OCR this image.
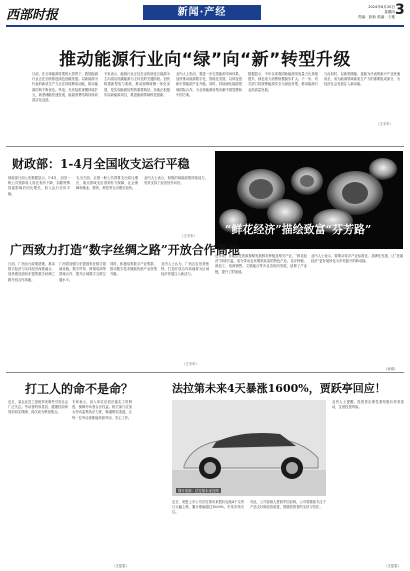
西部时报	新闻·产经	2024年6月20日
星期四
责编：彭新 美编：王雅 3
推动能源行业向“绿”向“新”转型升级
日前，在全球能源转型的大背景下，我国能源行业正在加快推进绿色低碳发展。以新能源为代表的新质生产力正在持续释放动能，推动能源结构不断优化。风电、光伏装机规模持续扩大，新型储能快速发展，能源消费结构持续向清洁化迈进。
专家表示，能源行业正处在由传统化石能源为主向清洁低碳能源为主转变的关键阶段。加快构建新型电力系统，推动源网荷储一体化发展，是实现能源转型的重要路径。各地正积极布局新能源项目，推进能源领域科技创新。
业内人士指出，要进一步完善能源市场体系，加快推动能源数字化、智能化发展，以科技创新引领能源产业升级。同时，持续深化能源领域国际合作，为全球能源转型贡献中国智慧和中国方案。
数据显示，今年以来我国新能源发电量占比持续提升，绿色电力消费规模稳步扩大。下一步，有关部门将统筹能源安全与绿色转型，推动能源行业高质量发展。
与此同时，以新型储能、氢能为代表的新兴产业快速成长，成为能源领域新质生产力的重要组成部分，为经济社会发展注入新动能。
（王丰年）
财政部：1-4月全国收支运行平稳
财政部日前公布数据显示，1-4月，全国一般公共预算收入同比有所下降，扣除特殊因素影响后同比增长，收入运行总体平稳。
支出方面，全国一般公共预算支出同比增长，重点领域支出得到有力保障，社会保障和就业、教育、科技等支出增长较快。
业内人士表示，积极的财政政策持续加力，有效支持了经济回升向好。
（王丰年）	“鲜花经济”描绘致富“芬芳路”
近年来，各地依托资源禀赋发展鲜花种植及相关产业，“鲜花经济”持续升温，成为带动农民增收致富的特色产业。花卉种植、深加工、电商销售、文旅融合等多业态协同发展，延伸了产业链，提升了附加值。
业内人士表示，要推动花卉产业标准化、品牌化发展，让“美丽经济”更好地转化为乡村振兴的新动能。
（孙琪）
广西致力打造“数字丝绸之路”开放合作高地
日前，广西出台政策措施，推动数字经济与实体经济深度融合，加快建设面向东盟的数字丝绸之路开放合作高地。
广西将加强与东盟国家在数字基础设施、数字贸易、跨境电商等领域合作，提升区域数字互联互通水平。
同时，积极培育数字产业集群，推动数字技术赋能传统产业转型升级。
业内人士认为，广西区位优势独特，打造开放合作高地将为区域经济发展注入新活力。
（王丰年）
打工人的命不是命？
近日，某企业员工加班猝死事件引发社会广泛关注。劳动者的休息权、健康权如何得到切实保障，再次成为舆论焦点。
专家表示，用人单位应依法落实工时制度，保障劳动者合法权益。相关部门应加大劳动监察执法力度，畅通维权渠道，让每一位劳动者都能体面劳动、安心工作。
（文星泰）
法拉第未来4天暴涨1600%，贾跃亭回应！
图片来源：法拉第未来官网
近日，美股上市公司法拉第未来股价连续4个交易日大幅上涨，累计涨幅超过1600%，引发市场关注。
对此，公司创始人贾跃亭回应称，公司将继续专注于产品交付和经营改善，感谢投资者的支持与信任。
业内人士提醒，投资者应理性看待股价异常波动，注意投资风险。
（文星泰）
